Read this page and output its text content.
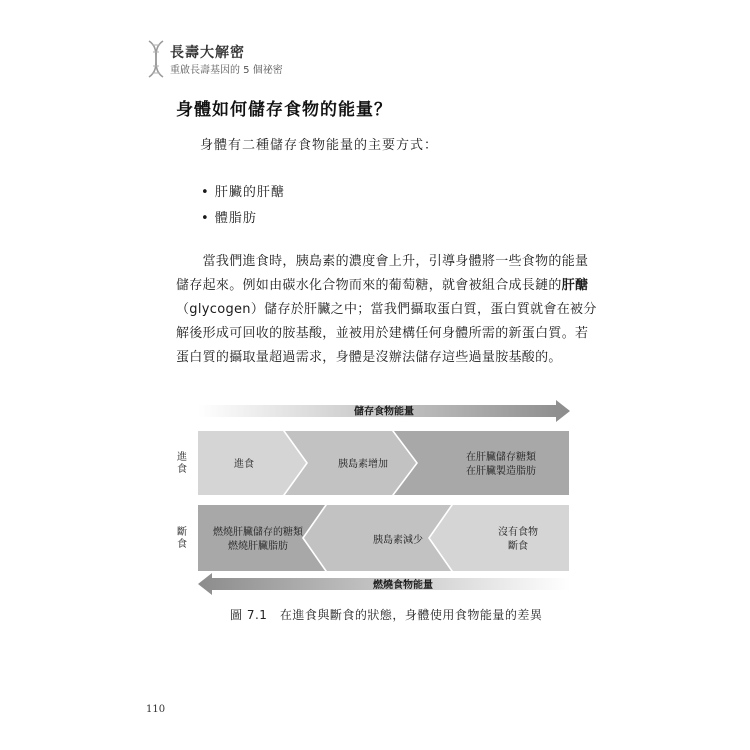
長壽大解密
重啟長壽基因的 5 個祕密
身體如何儲存食物的能量？
身體有二種儲存食物能量的主要方式：
• 肝臟的肝醣
• 體脂肪
　　當我們進食時，胰島素的濃度會上升，引導身體將一些食物的能量
儲存起來。例如由碳水化合物而來的葡萄糖，就會被組合成長鏈的肝醣
（glycogen）儲存於肝臟之中；當我們攝取蛋白質，蛋白質就會在被分
解後形成可回收的胺基酸，並被用於建構任何身體所需的新蛋白質。若
蛋白質的攝取量超過需求，身體是沒辦法儲存這些過量胺基酸的。
儲存食物能量
進
食
斷
食
進食	胰島素增加
在肝臟儲存糖類
在肝臟製造脂肪
燃燒肝臟儲存的糖類
燃燒肝臟脂肪
胰島素減少
沒有食物
斷食
燃燒食物能量
圖 7.1　在進食與斷食的狀態，身體使用食物能量的差異
110
